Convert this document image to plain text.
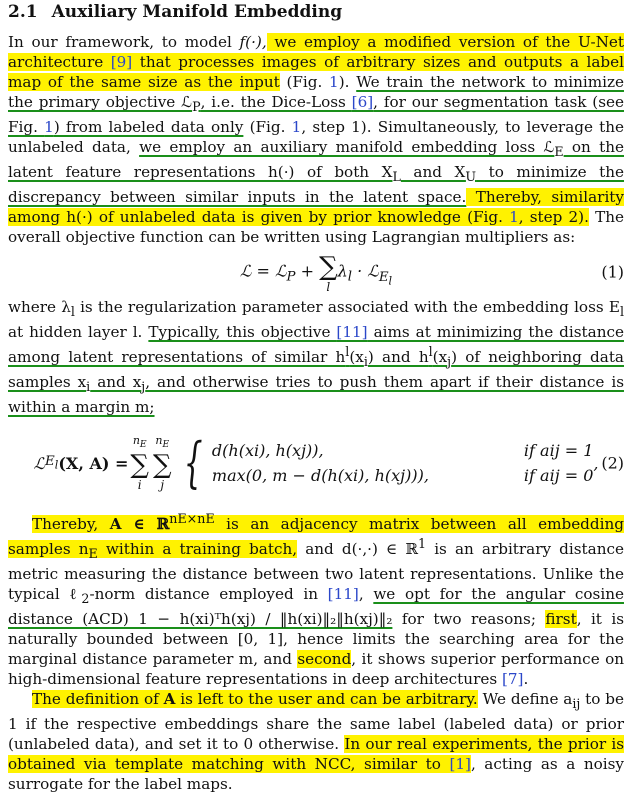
2.1 Auxiliary Manifold Embedding

In our framework, to model f(·), we employ a modified version of the U-Net architecture [9] that processes images of arbitrary sizes and outputs a label map of the same size as the input (Fig. 1). We train the network to minimize the primary objective ℒ$_P$, i.e. the Dice-Loss [6], for our segmentation task (see Fig. 1) from labeled data only (Fig. 1, step 1). Simultaneously, to leverage the unlabeled data, we employ an auxiliary manifold embedding loss ℒ$_E$ on the latent feature representations h(·) of both $X_L$ and $X_U$ to minimize the discrepancy between similar inputs in the latent space. Thereby, similarity among h(·) of unlabeled data is given by prior knowledge (Fig. 1, step 2). The overall objective function can be written using Lagrangian multipliers as:

ℒ = ℒ$_P$ + ∑
l
$\lambda_l$ · ℒ$_{E_l}$	(1)

where $\lambda_l$ is the regularization parameter associated with the embedding loss $E_l$ at hidden layer l. Typically, this objective [11] aims at minimizing the distance among latent representations of similar $h^l(x_i)$ and $h^l(x_j)$ of neighboring data samples $x_i$ and $x_j$, and otherwise tries to push them apart if their distance is within a margin m;

ℒ $E_l$ (X, A) =
$n_E$
∑
i
$n_E$
∑
j { d(h(xi), h(xj)),	if aij = 1
max(0, m − d(h(xi), h(xj))),	if aij = 0
, (2)

Thereby, A ∈ ℝ$^{nE\times nE}$ is an adjacency matrix between all embedding samples $n_E$ within a training batch, and d(·,·) ∈ ℝ$^1$ is an arbitrary distance metric measuring the distance between two latent representations. Unlike the typical ℓ$_2$-norm distance employed in [11], we opt for the angular cosine distance (ACD) 1 − h(xi)ᵀh(xj) / ‖h(xi)‖₂‖h(xj)‖₂ for two reasons; first, it is naturally bounded between [0, 1], hence limits the searching area for the marginal distance parameter m, and second, it shows superior performance on high-dimensional feature representations in deep architectures [7].

The definition of A is left to the user and can be arbitrary. We define $a_{ij}$ to be 1 if the respective embeddings share the same label (labeled data) or prior (unlabeled data), and set it to 0 otherwise. In our real experiments, the prior is obtained via template matching with NCC, similar to [1], acting as a noisy surrogate for the label maps.
